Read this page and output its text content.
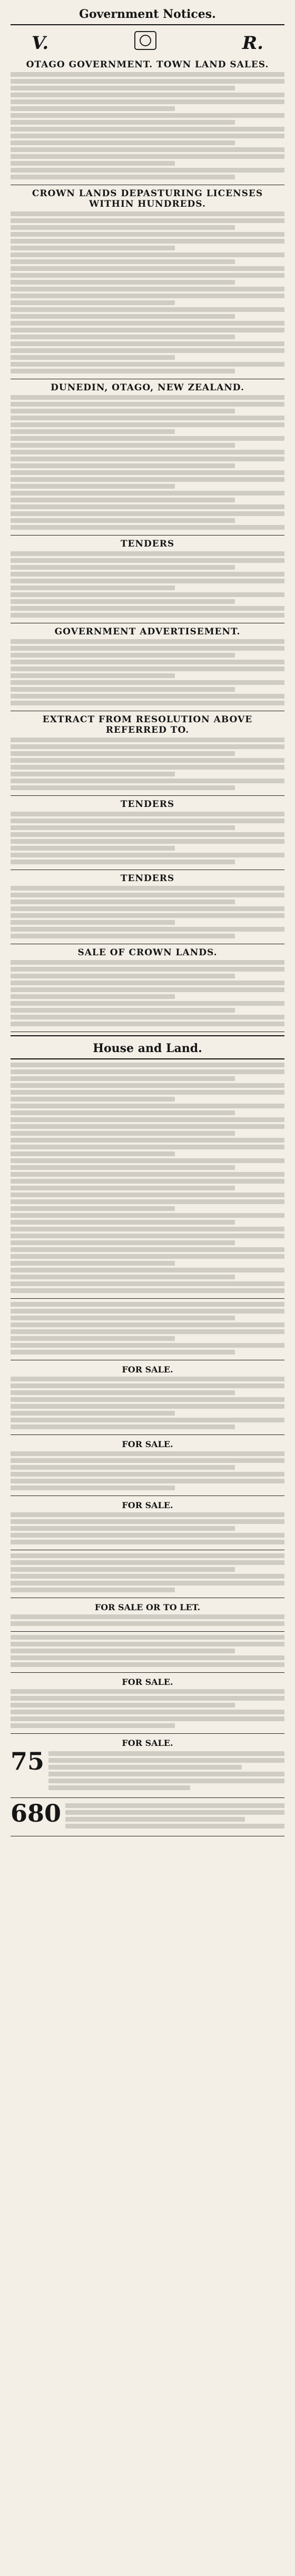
Government Notices.
V.	R.
OTAGO GOVERNMENT. TOWN LAND SALES.
CROWN LANDS DEPASTURING LICENSES WITHIN HUNDREDS.
DUNEDIN, OTAGO, NEW ZEALAND.
TENDERS
GOVERNMENT ADVERTISEMENT.
EXTRACT FROM RESOLUTION ABOVE REFERRED TO.
TENDERS
TENDERS
SALE OF CROWN LANDS.
House and Land.
FOR SALE.
FOR SALE.
FOR SALE.
FOR SALE OR TO LET.
FOR SALE.
FOR SALE.
75
680
